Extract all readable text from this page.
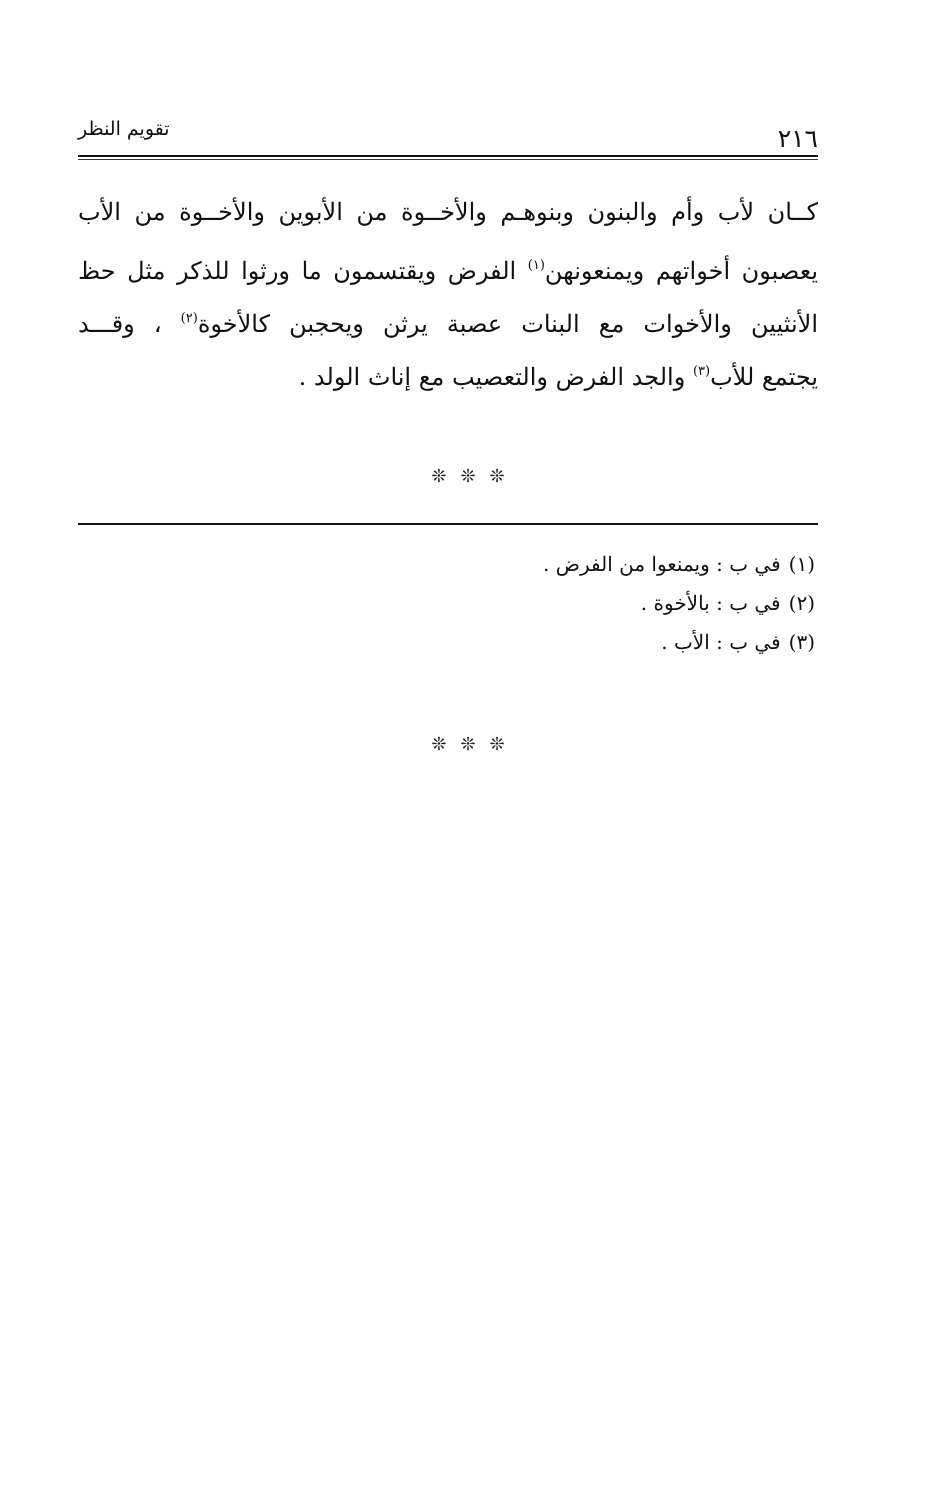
٢١٦
تقويم النظر
كــان لأب وأم والبنون وبنوهـم والأخــوة من الأبوين والأخــوة من الأب
يعصبون أخواتهم ويمنعونهن$^{(١)}$ الفرض ويقتسمون ما ورثوا للذكر مثل حظ
الأنثيين والأخوات مع البنات عصبة يرثن ويحجبن كالأخوة$^{(٢)}$ ، وقـــد
يجتمع للأب$^{(٣)}$ والجد الفرض والتعصيب مع إناث الولد .
❊❊❊
(١)في ب : ويمنعوا من الفرض .
(٢)في ب : بالأخوة .
(٣)في ب : الأب .
❊❊❊
